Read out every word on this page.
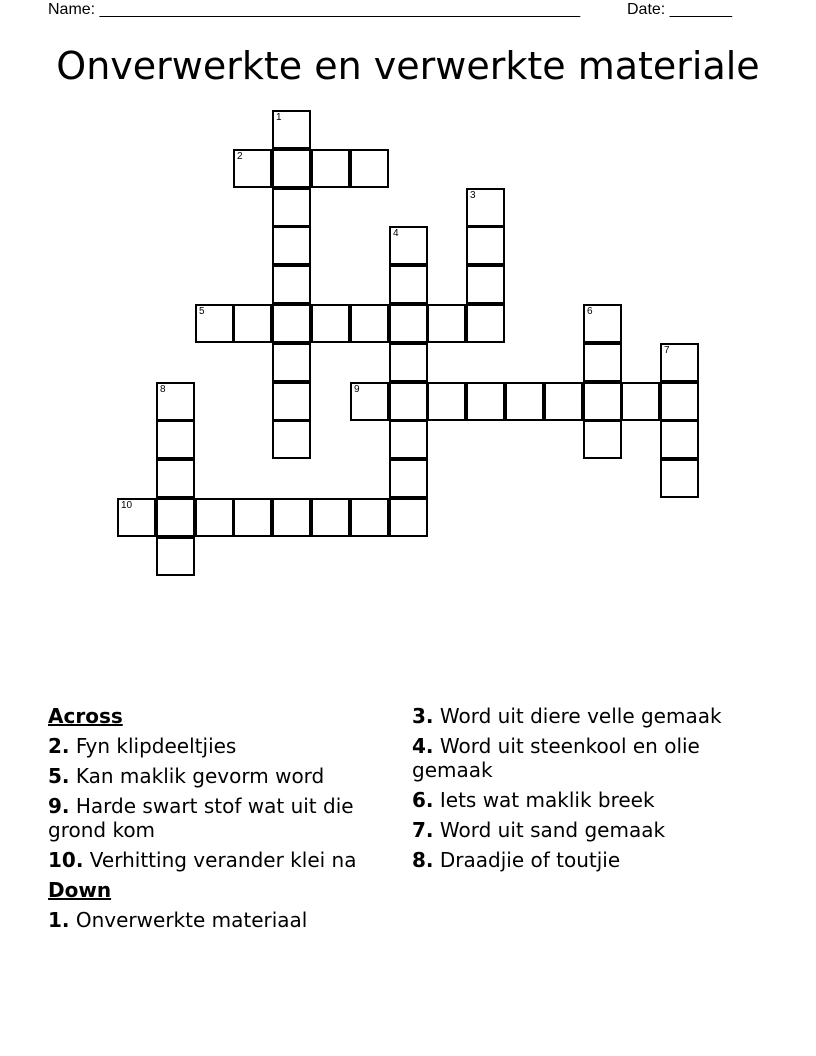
Name: ______________________________________________________	Date: _______
Onverwerkte en verwerkte materiale
1
2
3
4
5	6
7
8	9
10
Across
2. Fyn klipdeeltjies
5. Kan maklik gevorm word
9. Harde swart stof wat uit die grond kom
10. Verhitting verander klei na
Down
1. Onverwerkte materiaal
3. Word uit diere velle gemaak
4. Word uit steenkool en olie gemaak
6. Iets wat maklik breek
7. Word uit sand gemaak
8. Draadjie of toutjie
